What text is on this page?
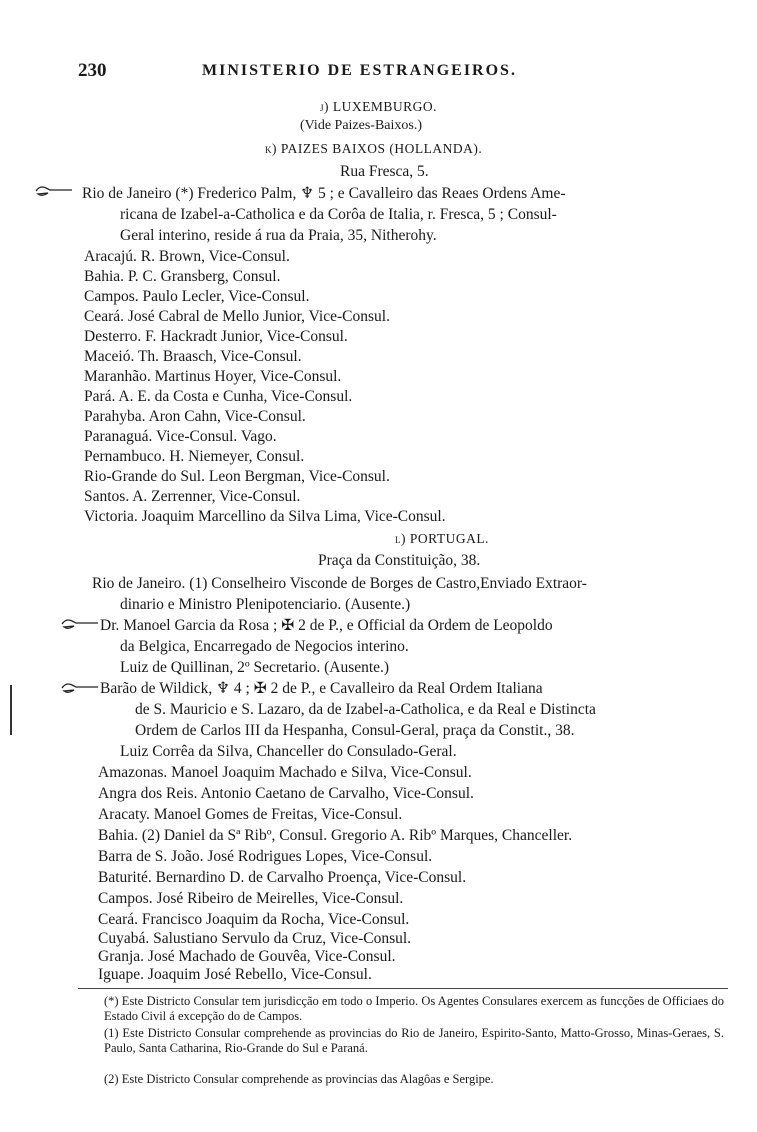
230	MINISTERIO DE ESTRANGEIROS.
j) LUXEMBURGO.
(Vide Paizes-Baixos.)
k) PAIZES BAIXOS (HOLLANDA).
Rua Fresca, 5.
Rio de Janeiro (*) Frederico Palm, ♆ 5 ; e Cavalleiro das Reaes Ordens Ame-
ricana de Izabel-a-Catholica e da Corôa de Italia, r. Fresca, 5 ; Consul-
Geral interino, reside á rua da Praia, 35, Nitherohy.
Aracajú. R. Brown, Vice-Consul.
Bahia. P. C. Gransberg, Consul.
Campos. Paulo Lecler, Vice-Consul.
Ceará. José Cabral de Mello Junior, Vice-Consul.
Desterro. F. Hackradt Junior, Vice-Consul.
Maceió. Th. Braasch, Vice-Consul.
Maranhão. Martinus Hoyer, Vice-Consul.
Pará. A. E. da Costa e Cunha, Vice-Consul.
Parahyba. Aron Cahn, Vice-Consul.
Paranaguá. Vice-Consul. Vago.
Pernambuco. H. Niemeyer, Consul.
Rio-Grande do Sul. Leon Bergman, Vice-Consul.
Santos. A. Zerrenner, Vice-Consul.
Victoria. Joaquim Marcellino da Silva Lima, Vice-Consul.
l) PORTUGAL.
Praça da Constituição, 38.
Rio de Janeiro. (1) Conselheiro Visconde de Borges de Castro,Enviado Extraor-
dinario e Ministro Plenipotenciario. (Ausente.)
Dr. Manoel Garcia da Rosa ; ✠ 2 de P., e Official da Ordem de Leopoldo
da Belgica, Encarregado de Negocios interino.
Luiz de Quillinan, 2º Secretario. (Ausente.)
Barão de Wildick, ♆ 4 ; ✠ 2 de P., e Cavalleiro da Real Ordem Italiana
de S. Mauricio e S. Lazaro, da de Izabel-a-Catholica, e da Real e Distincta
Ordem de Carlos III da Hespanha, Consul-Geral, praça da Constit., 38.
Luiz Corrêa da Silva, Chanceller do Consulado-Geral.
Amazonas. Manoel Joaquim Machado e Silva, Vice-Consul.
Angra dos Reis. Antonio Caetano de Carvalho, Vice-Consul.
Aracaty. Manoel Gomes de Freitas, Vice-Consul.
Bahia. (2) Daniel da Sª Ribº, Consul. Gregorio A. Ribº Marques, Chanceller.
Barra de S. João. José Rodrigues Lopes, Vice-Consul.
Baturité. Bernardino D. de Carvalho Proença, Vice-Consul.
Campos. José Ribeiro de Meirelles, Vice-Consul.
Ceará. Francisco Joaquim da Rocha, Vice-Consul.
Cuyabá. Salustiano Servulo da Cruz, Vice-Consul.
Granja. José Machado de Gouvêa, Vice-Consul.
Iguape. Joaquim José Rebello, Vice-Consul.
(*) Este Districto Consular tem jurisdicção em todo o Imperio. Os Agentes Consulares exercem as funcções de Officiaes do Estado Civil á excepção do de Campos.
(1) Este Districto Consular comprehende as provincias do Rio de Janeiro, Espirito-Santo, Matto-Grosso, Minas-Geraes, S. Paulo, Santa Catharina, Rio-Grande do Sul e Paraná.
(2) Este Districto Consular comprehende as provincias das Alagôas e Sergipe.
